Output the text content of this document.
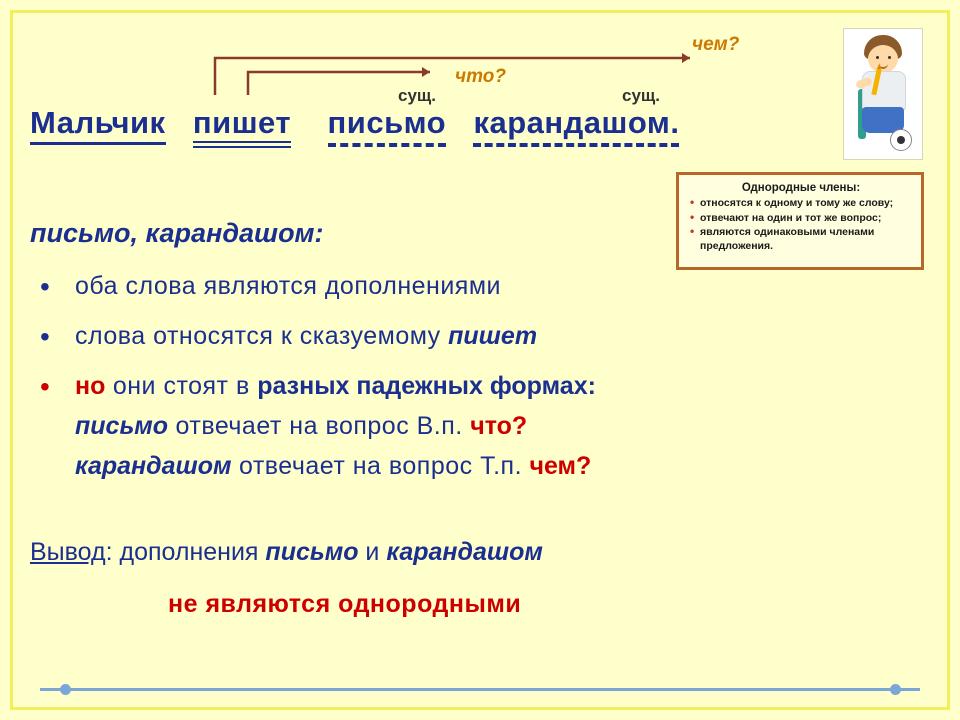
чем?
что?
сущ.	сущ.
Мальчик пишет письмо карандашом.
Однородные члены:
• относятся к одному и тому же слову;
• отвечают на один и тот же вопрос;
• являются одинаковыми членами предложения.
письмо, карандашом:
• оба слова являются дополнениями
• слова относятся к сказуемому пишет
• но они стоят в разных падежных формах:
письмо отвечает на вопрос В.п. что?
карандашом отвечает на вопрос Т.п. чем?
Вывод: дополнения письмо и карандашом
не являются однородными
